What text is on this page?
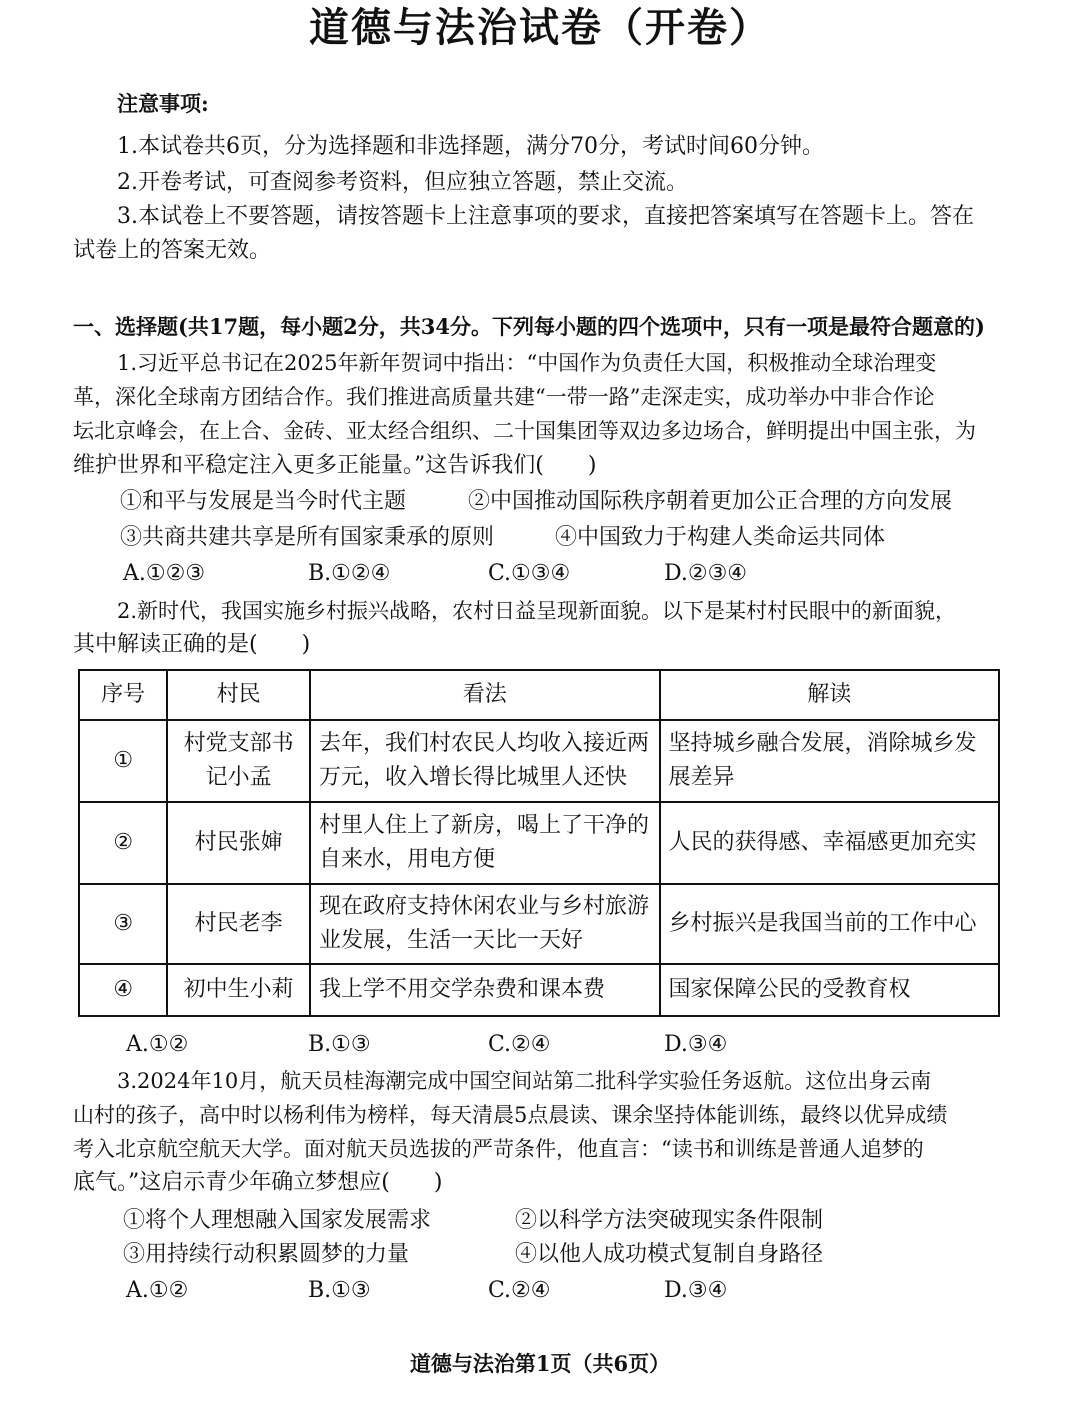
道德与法治试卷（开卷）
注意事项:
1.本试卷共6页，分为选择题和非选择题，满分70分，考试时间60分钟。
2.开卷考试，可查阅参考资料，但应独立答题，禁止交流。
3.本试卷上不要答题，请按答题卡上注意事项的要求，直接把答案填写在答题卡上。答在
试卷上的答案无效。
一、选择题(共17题，每小题2分，共34分。下列每小题的四个选项中，只有一项是最符合题意的)
1.习近平总书记在2025年新年贺词中指出：“中国作为负责任大国，积极推动全球治理变
革，深化全球南方团结合作。我们推进高质量共建“一带一路”走深走实，成功举办中非合作论
坛北京峰会，在上合、金砖、亚太经合组织、二十国集团等双边多边场合，鲜明提出中国主张，为
维护世界和平稳定注入更多正能量。”这告诉我们(　　)
①和平与发展是当今时代主题	②中国推动国际秩序朝着更加公正合理的方向发展
③共商共建共享是所有国家秉承的原则	④中国致力于构建人类命运共同体
A.①②③	B.①②④	C.①③④	D.②③④
2.新时代，我国实施乡村振兴战略，农村日益呈现新面貌。以下是某村村民眼中的新面貌，
其中解读正确的是(　　)
序号	村民	看法	解读
①	村党支部书记小孟	去年，我们村农民人均收入接近两万元，收入增长得比城里人还快	坚持城乡融合发展，消除城乡发展差异
②	村民张婶	村里人住上了新房，喝上了干净的自来水，用电方便	人民的获得感、幸福感更加充实
③	村民老李	现在政府支持休闲农业与乡村旅游业发展，生活一天比一天好	乡村振兴是我国当前的工作中心
④	初中生小莉	我上学不用交学杂费和课本费	国家保障公民的受教育权
A.①②	B.①③	C.②④	D.③④
3.2024年10月，航天员桂海潮完成中国空间站第二批科学实验任务返航。这位出身云南
山村的孩子，高中时以杨利伟为榜样，每天清晨5点晨读、课余坚持体能训练，最终以优异成绩
考入北京航空航天大学。面对航天员选拔的严苛条件，他直言：“读书和训练是普通人追梦的
底气。”这启示青少年确立梦想应(　　)
①将个人理想融入国家发展需求	②以科学方法突破现实条件限制
③用持续行动积累圆梦的力量	④以他人成功模式复制自身路径
A.①②	B.①③	C.②④	D.③④
道德与法治第1页（共6页）
